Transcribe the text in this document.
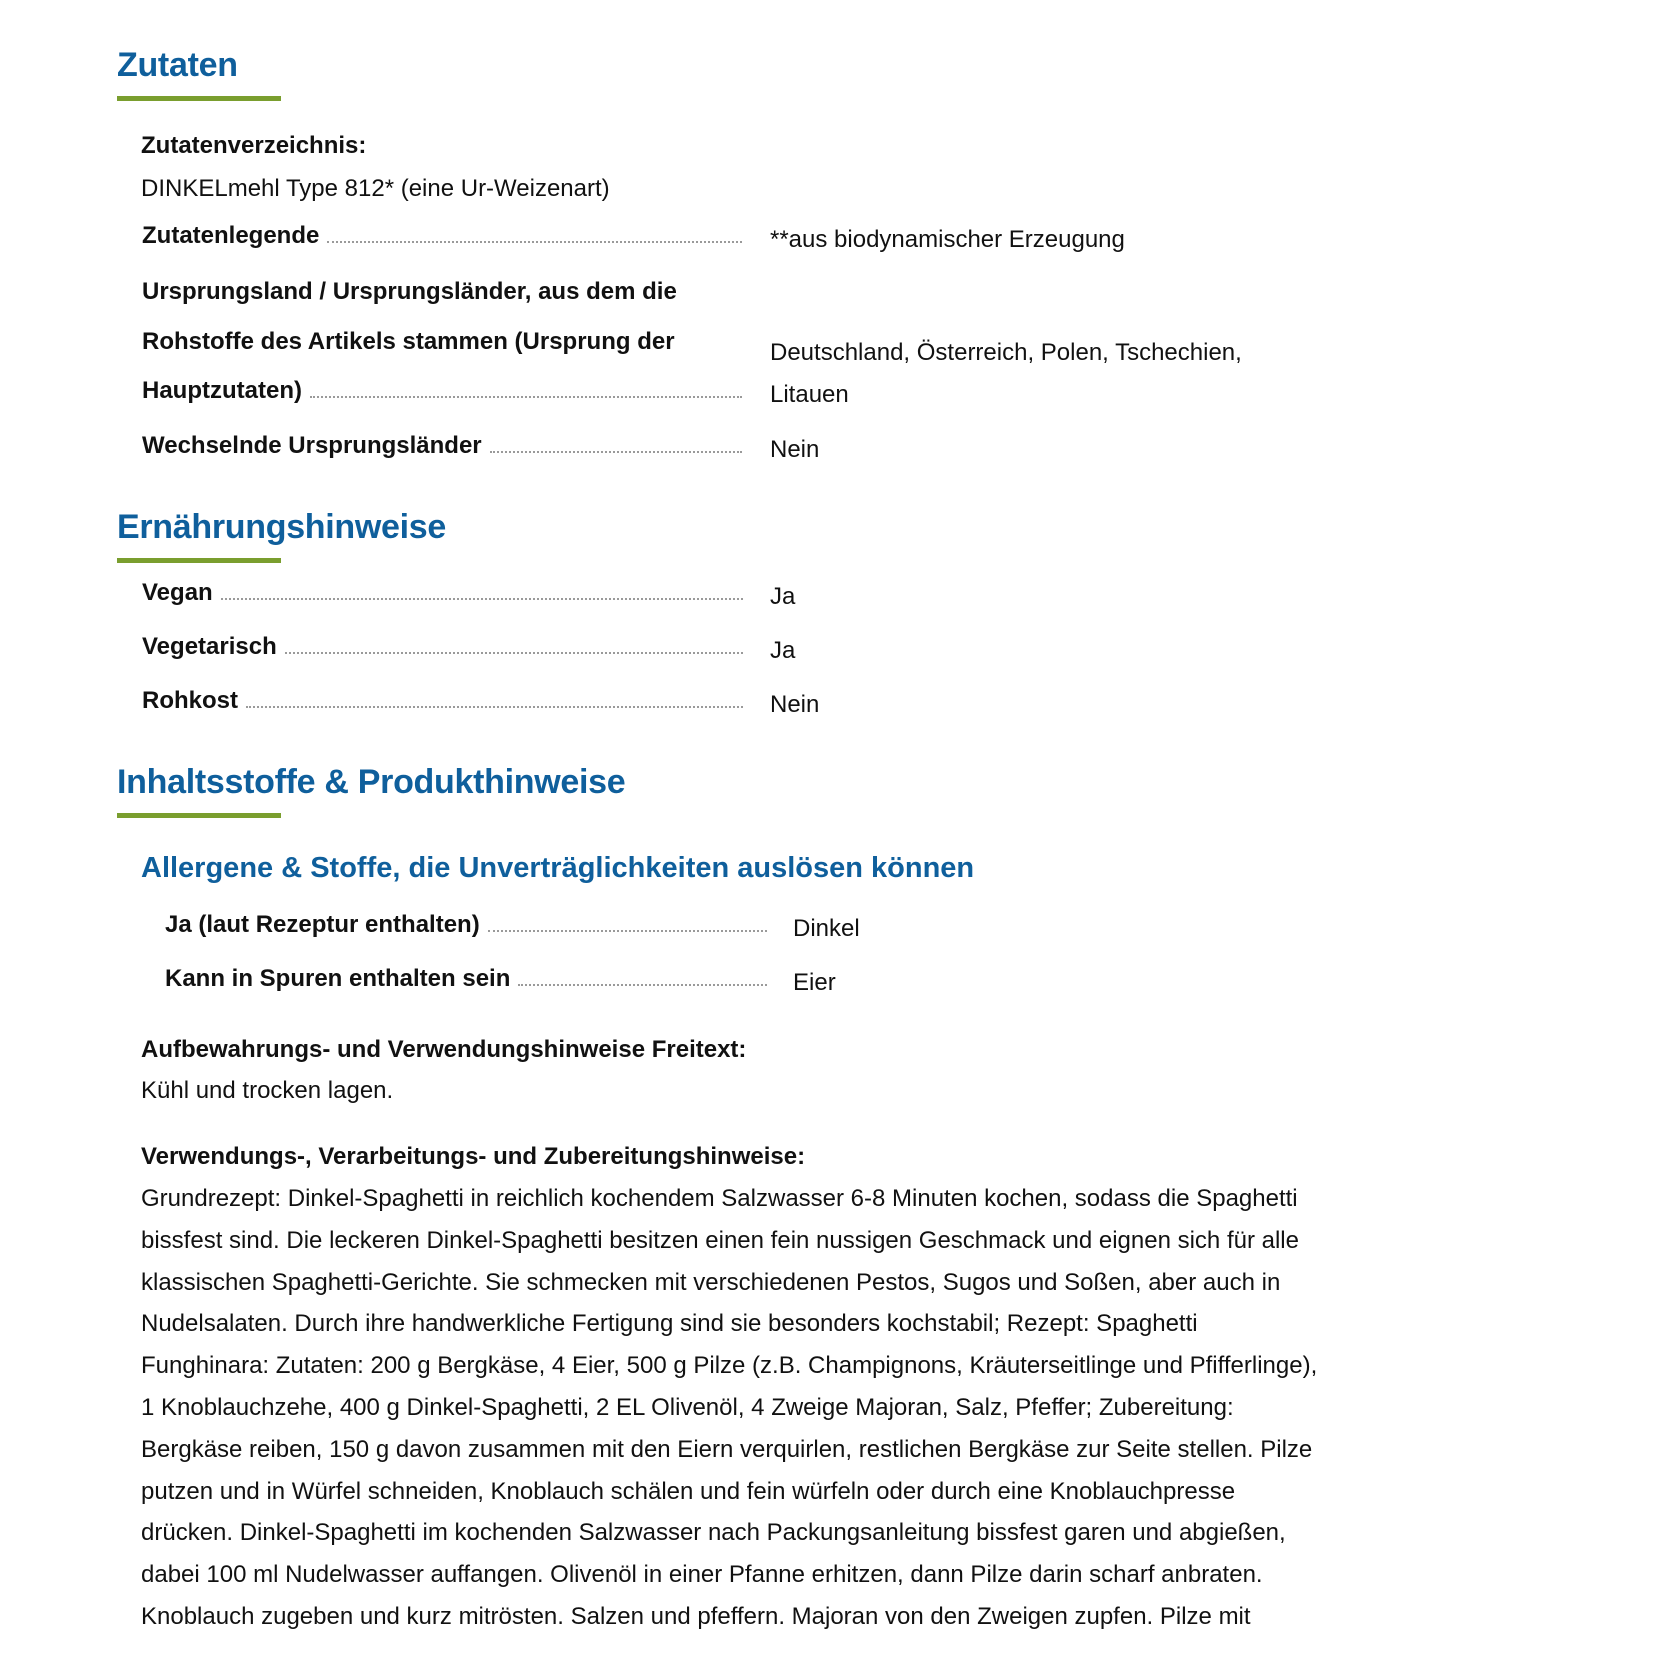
Zutaten
Zutatenverzeichnis:
DINKELmehl Type 812* (eine Ur-Weizenart)
Zutatenlegende	**aus biodynamischer Erzeugung
Ursprungsland / Ursprungsländer, aus dem die
Rohstoffe des Artikels stammen (Ursprung der
Hauptzutaten)
Deutschland, Österreich, Polen, Tschechien,
Litauen
Wechselnde Ursprungsländer	Nein
Ernährungshinweise
Vegan	Ja
Vegetarisch	Ja
Rohkost	Nein
Inhaltsstoffe & Produkthinweise
Allergene & Stoffe, die Unverträglichkeiten auslösen können
Ja (laut Rezeptur enthalten)	Dinkel
Kann in Spuren enthalten sein	Eier
Aufbewahrungs- und Verwendungshinweise Freitext:
Kühl und trocken lagen.
Verwendungs-, Verarbeitungs- und Zubereitungshinweise:
Grundrezept: Dinkel-Spaghetti in reichlich kochendem Salzwasser 6-8 Minuten kochen, sodass die Spaghetti
bissfest sind. Die leckeren Dinkel-Spaghetti besitzen einen fein nussigen Geschmack und eignen sich für alle
klassischen Spaghetti-Gerichte. Sie schmecken mit verschiedenen Pestos, Sugos und Soßen, aber auch in
Nudelsalaten. Durch ihre handwerkliche Fertigung sind sie besonders kochstabil; Rezept: Spaghetti
Funghinara: Zutaten: 200 g Bergkäse, 4 Eier, 500 g Pilze (z.B. Champignons, Kräuterseitlinge und Pfifferlinge),
1 Knoblauchzehe, 400 g Dinkel-Spaghetti, 2 EL Olivenöl, 4 Zweige Majoran, Salz, Pfeffer; Zubereitung:
Bergkäse reiben, 150 g davon zusammen mit den Eiern verquirlen, restlichen Bergkäse zur Seite stellen. Pilze
putzen und in Würfel schneiden, Knoblauch schälen und fein würfeln oder durch eine Knoblauchpresse
drücken. Dinkel-Spaghetti im kochenden Salzwasser nach Packungsanleitung bissfest garen und abgießen,
dabei 100 ml Nudelwasser auffangen. Olivenöl in einer Pfanne erhitzen, dann Pilze darin scharf anbraten.
Knoblauch zugeben und kurz mitrösten. Salzen und pfeffern. Majoran von den Zweigen zupfen. Pilze mit
